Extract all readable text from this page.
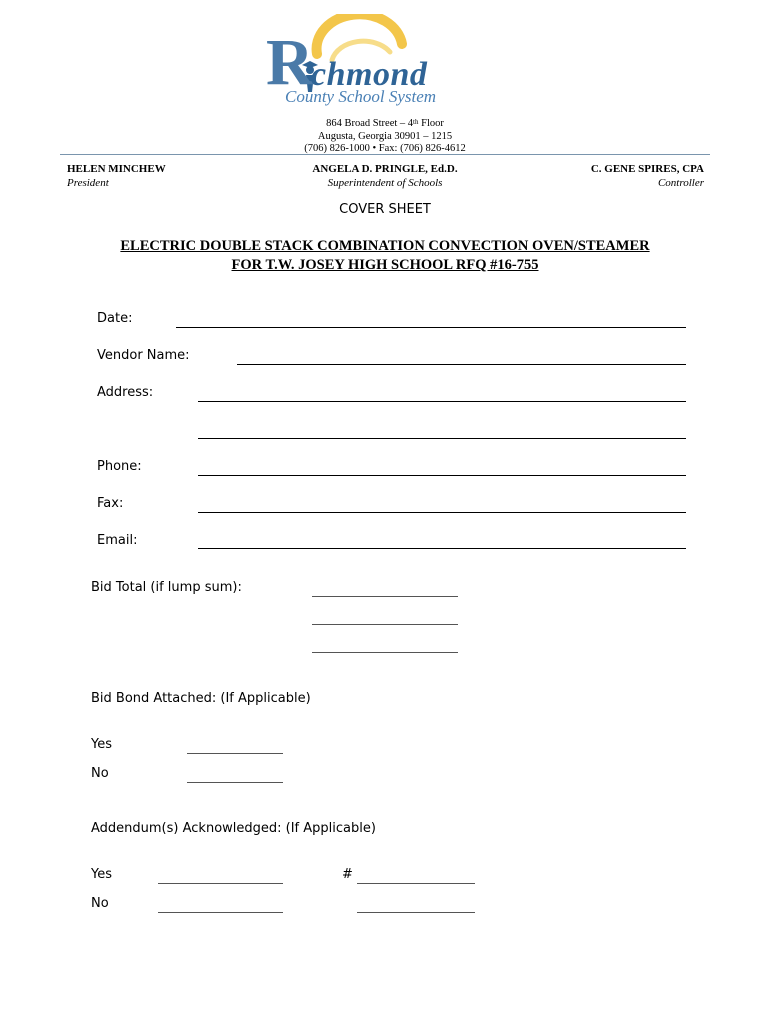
R
chmond
County School System
864 Broad Street – 4th Floor
Augusta, Georgia 30901 – 1215
(706) 826-1000 • Fax: (706) 826-4612
HELEN MINCHEW
President
ANGELA D. PRINGLE, Ed.D.
Superintendent of Schools
C. GENE SPIRES, CPA
Controller
COVER SHEET
ELECTRIC DOUBLE STACK COMBINATION CONVECTION OVEN/STEAMER
FOR T.W. JOSEY HIGH SCHOOL RFQ #16-755
Date:
Vendor Name:
Address:
Phone:
Fax:
Email:
Bid Total (if lump sum):
Bid Bond Attached: (If Applicable)
Yes
No
Addendum(s) Acknowledged: (If Applicable)
Yes	#
No
